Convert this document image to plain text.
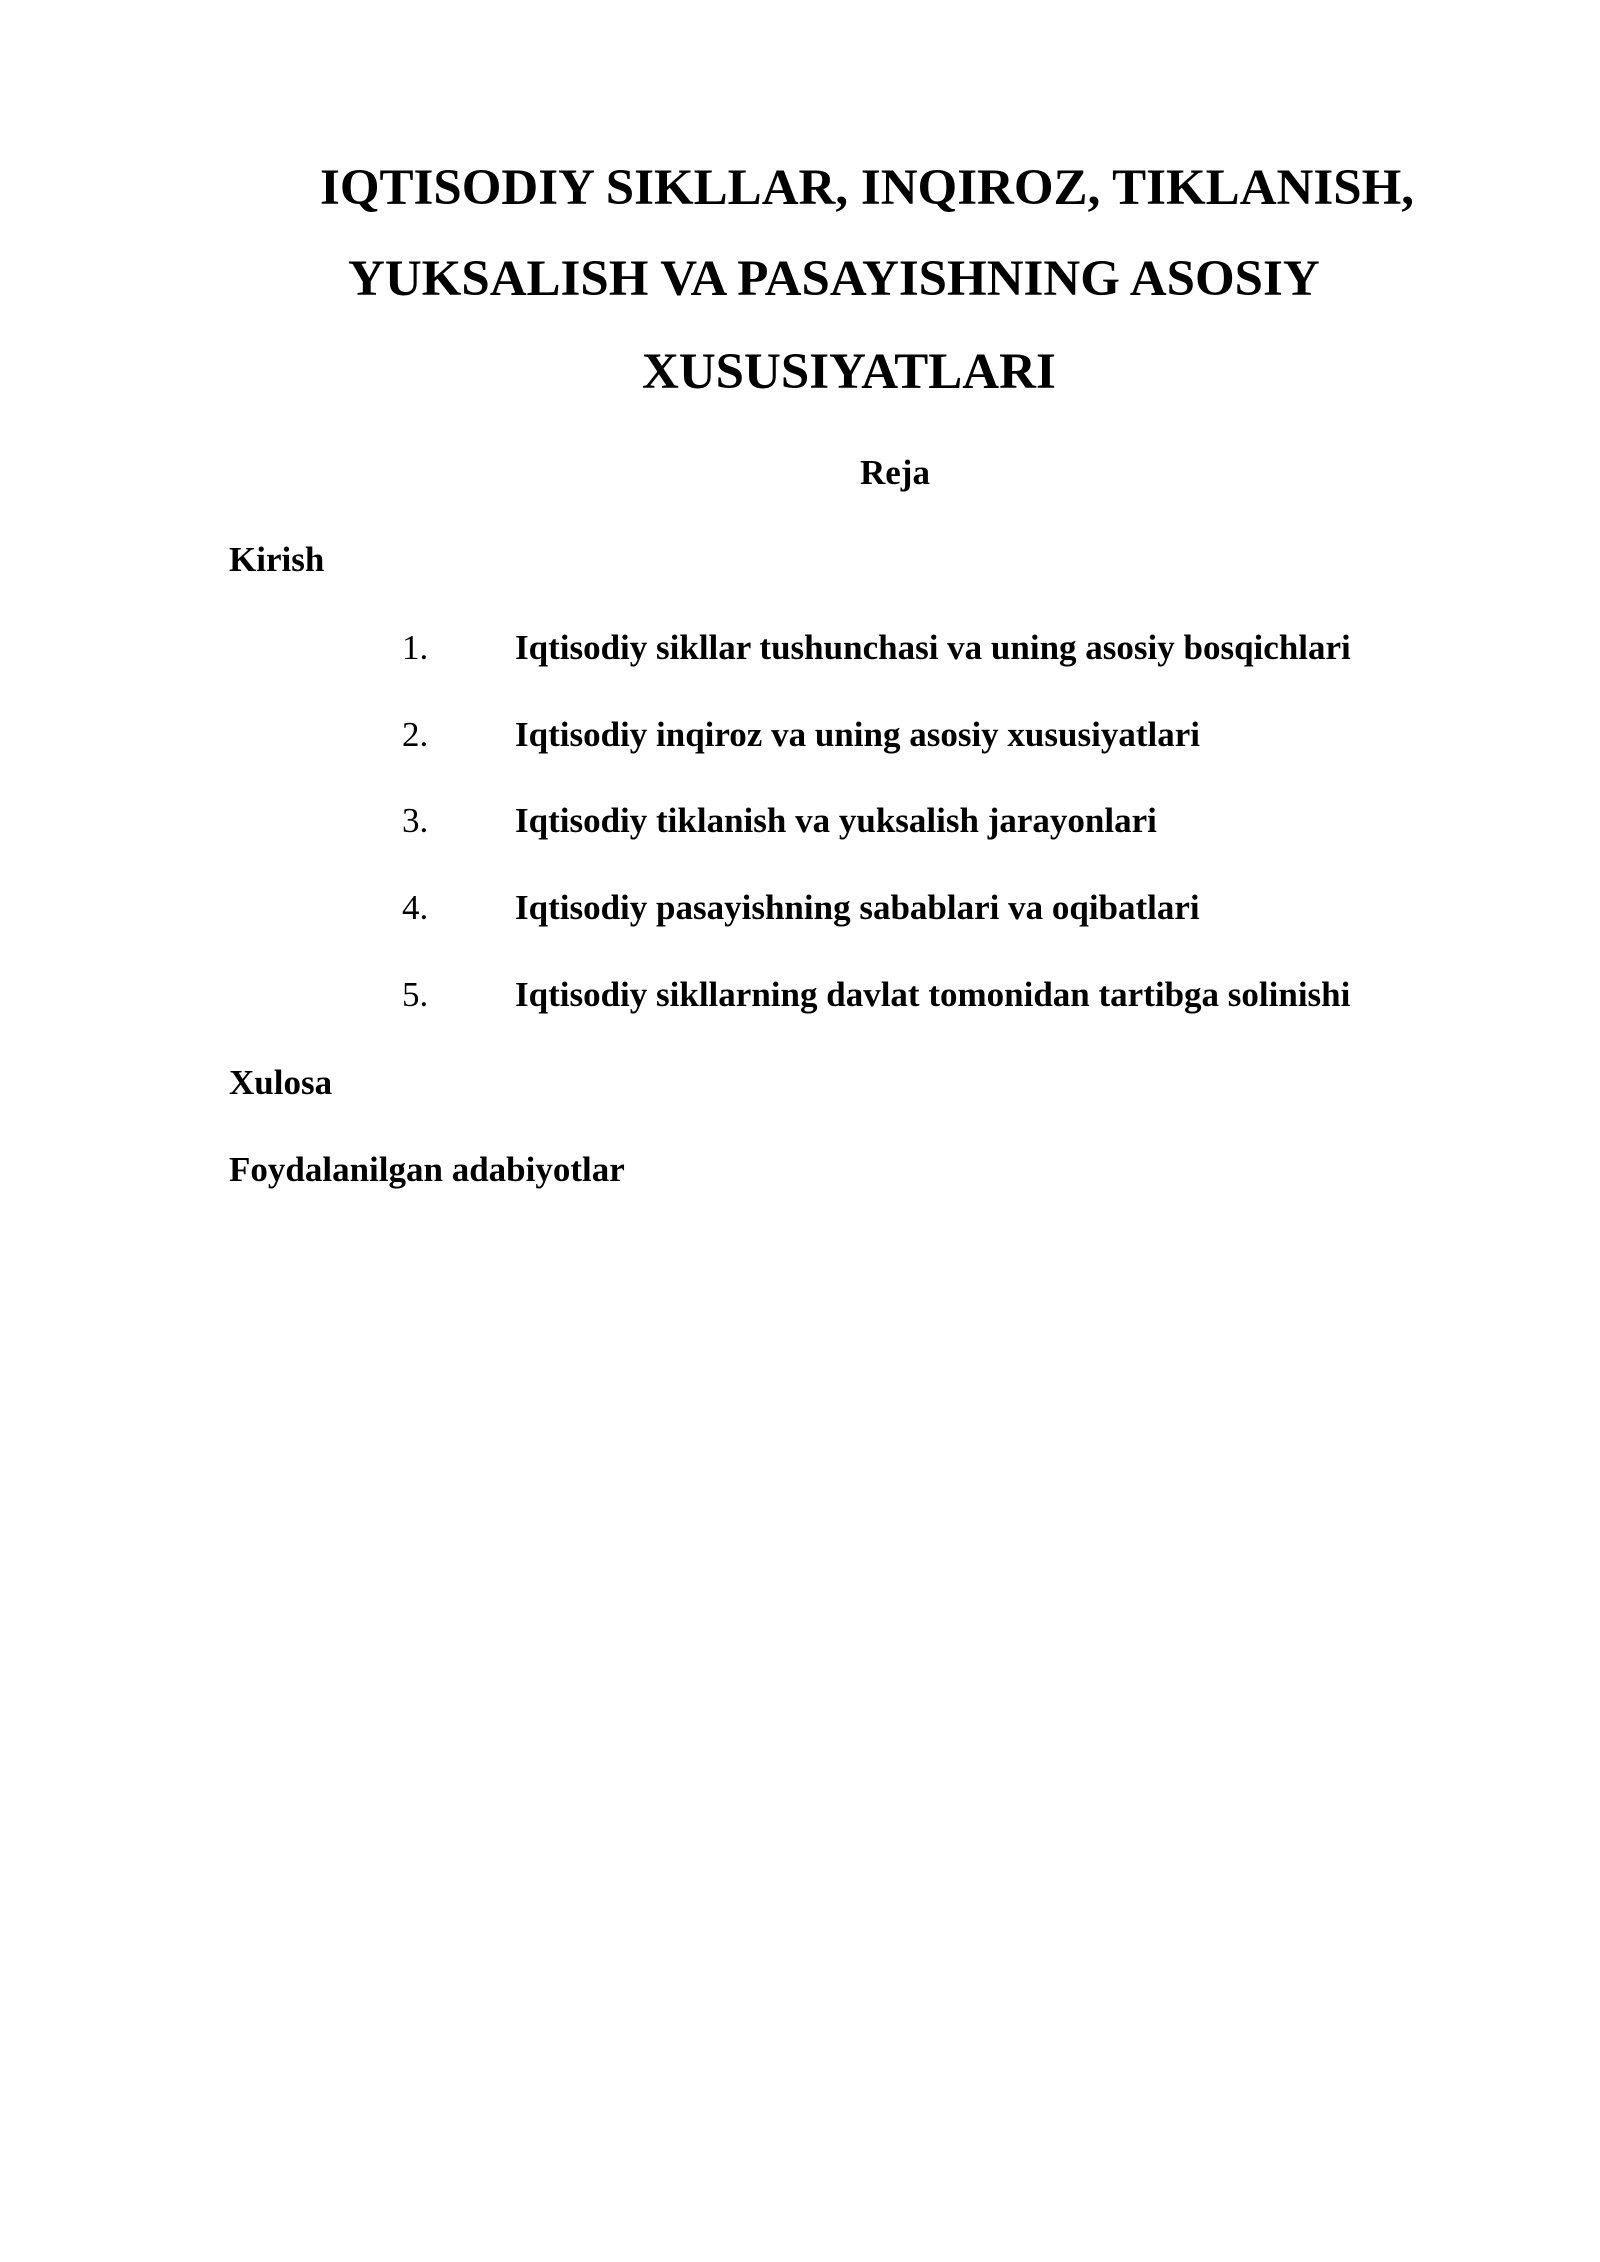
IQTISODIY SIKLLAR, INQIROZ, TIKLANISH,
YUKSALISH VA PASAYISHNING ASOSIY
XUSUSIYATLARI

Reja

Kirish

1. Iqtisodiy sikllar tushunchasi va uning asosiy bosqichlari
2. Iqtisodiy inqiroz va uning asosiy xususiyatlari
3. Iqtisodiy tiklanish va yuksalish jarayonlari
4. Iqtisodiy pasayishning sabablari va oqibatlari
5. Iqtisodiy sikllarning davlat tomonidan tartibga solinishi

Xulosa

Foydalanilgan adabiyotlar
